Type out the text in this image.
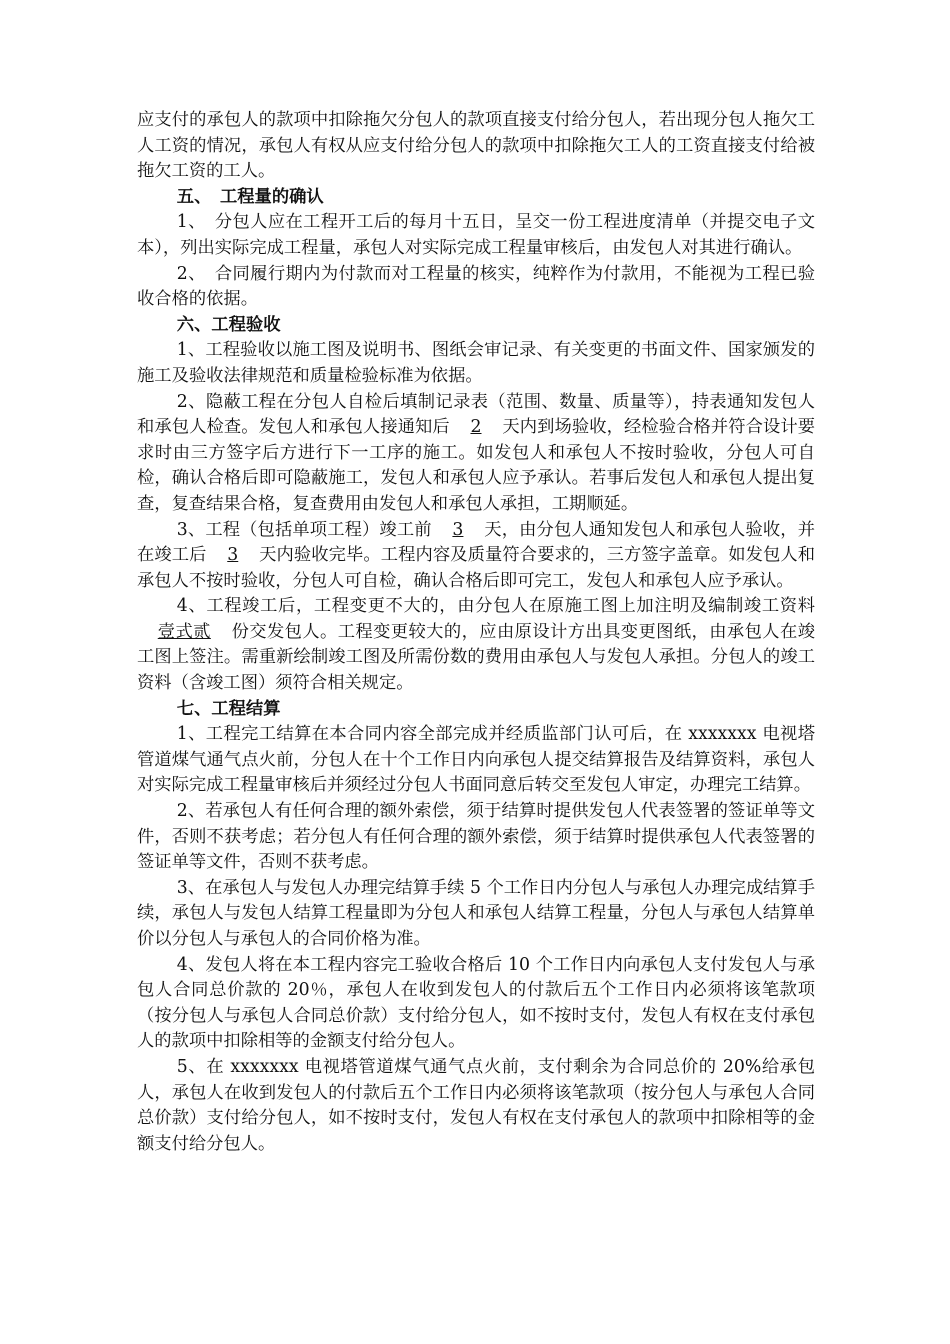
应支付的承包人的款项中扣除拖欠分包人的款项直接支付给分包人，若出现分包人拖欠工人工资的情况，承包人有权从应支付给分包人的款项中扣除拖欠工人的工资直接支付给被拖欠工资的工人。

五、　工程量的确认

1、　分包人应在工程开工后的每月十五日，呈交一份工程进度清单（并提交电子文本），列出实际完成工程量，承包人对实际完成工程量审核后，由发包人对其进行确认。

2、　合同履行期内为付款而对工程量的核实，纯粹作为付款用，不能视为工程已验收合格的依据。

六、工程验收

1、工程验收以施工图及说明书、图纸会审记录、有关变更的书面文件、国家颁发的施工及验收法律规范和质量检验标准为依据。

2、隐蔽工程在分包人自检后填制记录表（范围、数量、质量等），持表通知发包人和承包人检查。发包人和承包人接通知后 2 天内到场验收，经检验合格并符合设计要求时由三方签字后方进行下一工序的施工。如发包人和承包人不按时验收，分包人可自检，确认合格后即可隐蔽施工，发包人和承包人应予承认。若事后发包人和承包人提出复查，复查结果合格，复查费用由发包人和承包人承担，工期顺延。

3、工程（包括单项工程）竣工前 3 天，由分包人通知发包人和承包人验收，并在竣工后 3 天内验收完毕。工程内容及质量符合要求的，三方签字盖章。如发包人和承包人不按时验收，分包人可自检，确认合格后即可完工，发包人和承包人应予承认。

4、工程竣工后，工程变更不大的，由分包人在原施工图上加注明及编制竣工资料壹式贰 份交发包人。工程变更较大的，应由原设计方出具变更图纸，由承包人在竣工图上签注。需重新绘制竣工图及所需份数的费用由承包人与发包人承担。分包人的竣工资料（含竣工图）须符合相关规定。

七、工程结算

1、工程完工结算在本合同内容全部完成并经质监部门认可后，在 xxxxxxx 电视塔管道煤气通气点火前，分包人在十个工作日内向承包人提交结算报告及结算资料，承包人对实际完成工程量审核后并须经过分包人书面同意后转交至发包人审定，办理完工结算。

2、若承包人有任何合理的额外索偿，须于结算时提供发包人代表签署的签证单等文件，否则不获考虑；若分包人有任何合理的额外索偿，须于结算时提供承包人代表签署的签证单等文件，否则不获考虑。

3、在承包人与发包人办理完结算手续 5 个工作日内分包人与承包人办理完成结算手续，承包人与发包人结算工程量即为分包人和承包人结算工程量，分包人与承包人结算单价以分包人与承包人的合同价格为准。

4、发包人将在本工程内容完工验收合格后 10 个工作日内向承包人支付发包人与承包人合同总价款的 20％，承包人在收到发包人的付款后五个工作日内必须将该笔款项（按分包人与承包人合同总价款）支付给分包人，如不按时支付，发包人有权在支付承包人的款项中扣除相等的金额支付给分包人。

5、在 xxxxxxx 电视塔管道煤气通气点火前，支付剩余为合同总价的 20%给承包人，承包人在收到发包人的付款后五个工作日内必须将该笔款项（按分包人与承包人合同总价款）支付给分包人，如不按时支付，发包人有权在支付承包人的款项中扣除相等的金额支付给分包人。
